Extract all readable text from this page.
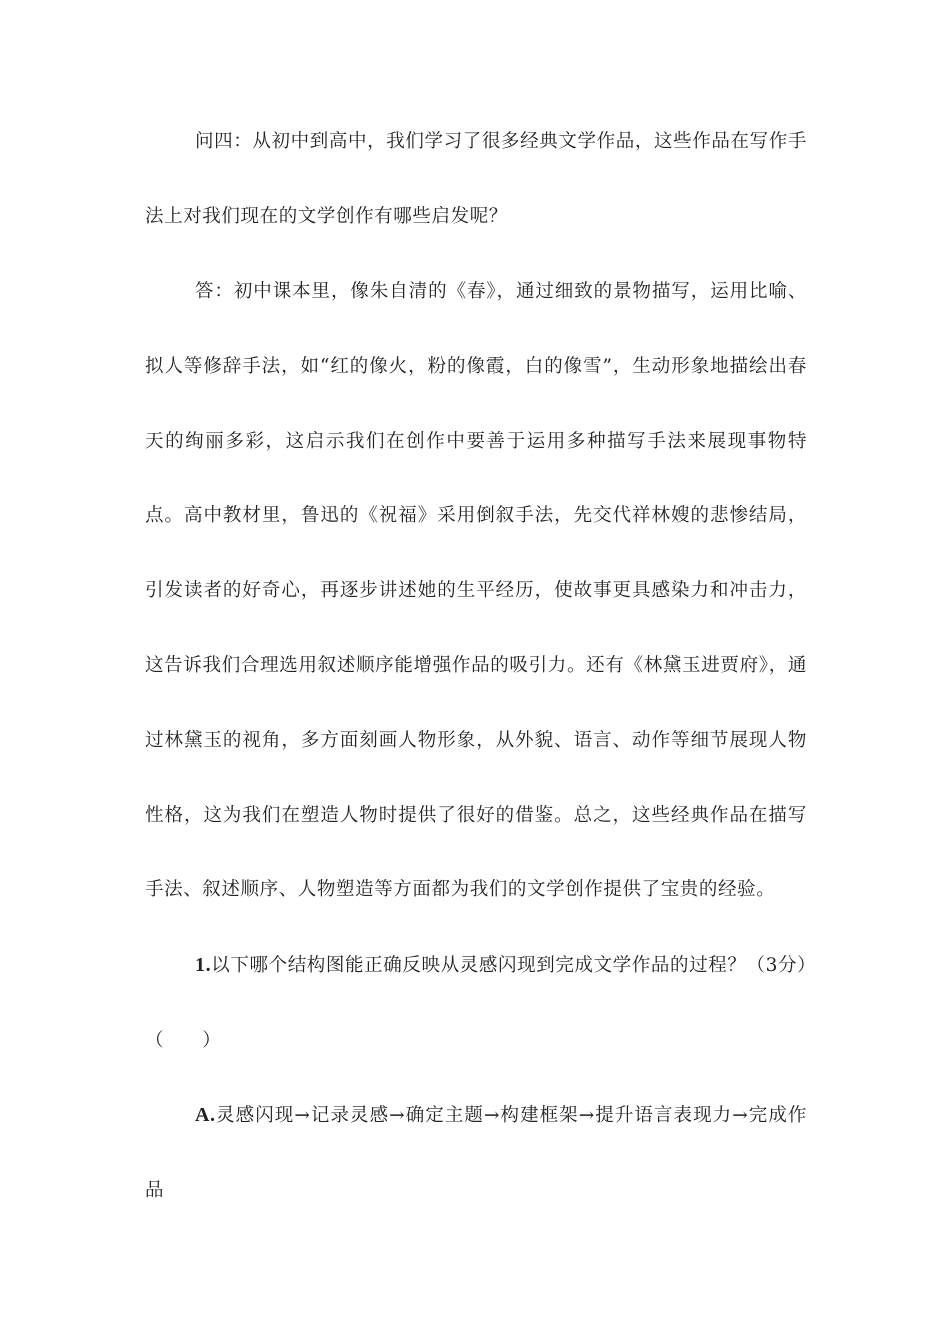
问四：从初中到高中，我们学习了很多经典文学作品，这些作品在写作手法上对我们现在的文学创作有哪些启发呢？

答：初中课本里，像朱自清的《春》，通过细致的景物描写，运用比喻、拟人等修辞手法，如“红的像火，粉的像霞，白的像雪”，生动形象地描绘出春天的绚丽多彩，这启示我们在创作中要善于运用多种描写手法来展现事物特点。高中教材里，鲁迅的《祝福》采用倒叙手法，先交代祥林嫂的悲惨结局，引发读者的好奇心，再逐步讲述她的生平经历，使故事更具感染力和冲击力，这告诉我们合理选用叙述顺序能增强作品的吸引力。还有《林黛玉进贾府》，通过林黛玉的视角，多方面刻画人物形象，从外貌、语言、动作等细节展现人物性格，这为我们在塑造人物时提供了很好的借鉴。总之，这些经典作品在描写手法、叙述顺序、人物塑造等方面都为我们的文学创作提供了宝贵的经验。

1.以下哪个结构图能正确反映从灵感闪现到完成文学作品的过程？（3分）（　　）

A.灵感闪现→记录灵感→确定主题→构建框架→提升语言表现力→完成作品
